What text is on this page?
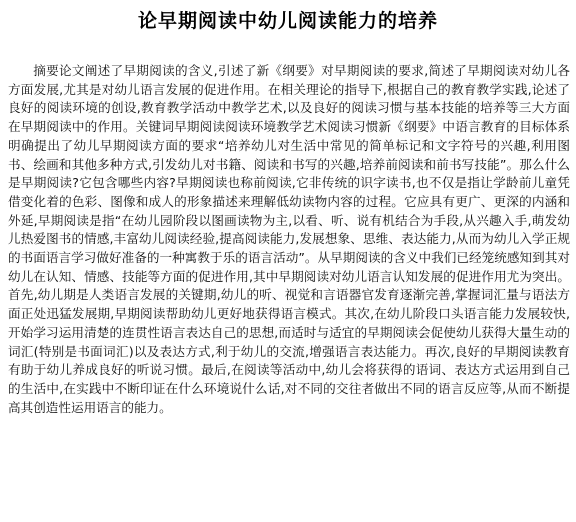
论早期阅读中幼儿阅读能力的培养

摘要论文阐述了早期阅读的含义,引述了新《纲要》对早期阅读的要求,简述了早期阅读对幼儿各方面发展,尤其是对幼儿语言发展的促进作用。在相关理论的指导下,根据自己的教育教学实践,论述了良好的阅读环境的创设,教育教学活动中教学艺术,以及良好的阅读习惯与基本技能的培养等三大方面在早期阅读中的作用。关键词早期阅读阅读环境教学艺术阅读习惯新《纲要》中语言教育的目标体系明确提出了幼儿早期阅读方面的要求“培养幼儿对生活中常见的简单标记和文字符号的兴趣,利用图书、绘画和其他多种方式,引发幼儿对书籍、阅读和书写的兴趣,培养前阅读和前书写技能”。那么什么是早期阅读?它包含哪些内容?早期阅读也称前阅读,它非传统的识字读书,也不仅是指让学龄前儿童凭借变化着的色彩、图像和成人的形象描述来理解低幼读物内容的过程。它应具有更广、更深的内涵和外延,早期阅读是指“在幼儿园阶段以图画读物为主,以看、听、说有机结合为手段,从兴趣入手,萌发幼儿热爱图书的情感,丰富幼儿阅读经验,提高阅读能力,发展想象、思维、表达能力,从而为幼儿入学正规的书面语言学习做好准备的一种寓教于乐的语言活动”。从早期阅读的含义中我们已经笼统感知到其对幼儿在认知、情感、技能等方面的促进作用,其中早期阅读对幼儿语言认知发展的促进作用尤为突出。首先,幼儿期是人类语言发展的关键期,幼儿的听、视觉和言语器官发育逐渐完善,掌握词汇量与语法方面正处迅猛发展期,早期阅读帮助幼儿更好地获得语言模式。其次,在幼儿阶段口头语言能力发展较快,开始学习运用清楚的连贯性语言表达自己的思想,而适时与适宜的早期阅读会促使幼儿获得大量生动的词汇(特别是书面词汇)以及表达方式,利于幼儿的交流,增强语言表达能力。再次,良好的早期阅读教育有助于幼儿养成良好的听说习惯。最后,在阅读等活动中,幼儿会将获得的语词、表达方式运用到自己的生活中,在实践中不断印证在什么环境说什么话,对不同的交往者做出不同的语言反应等,从而不断提高其创造性运用语言的能力。
